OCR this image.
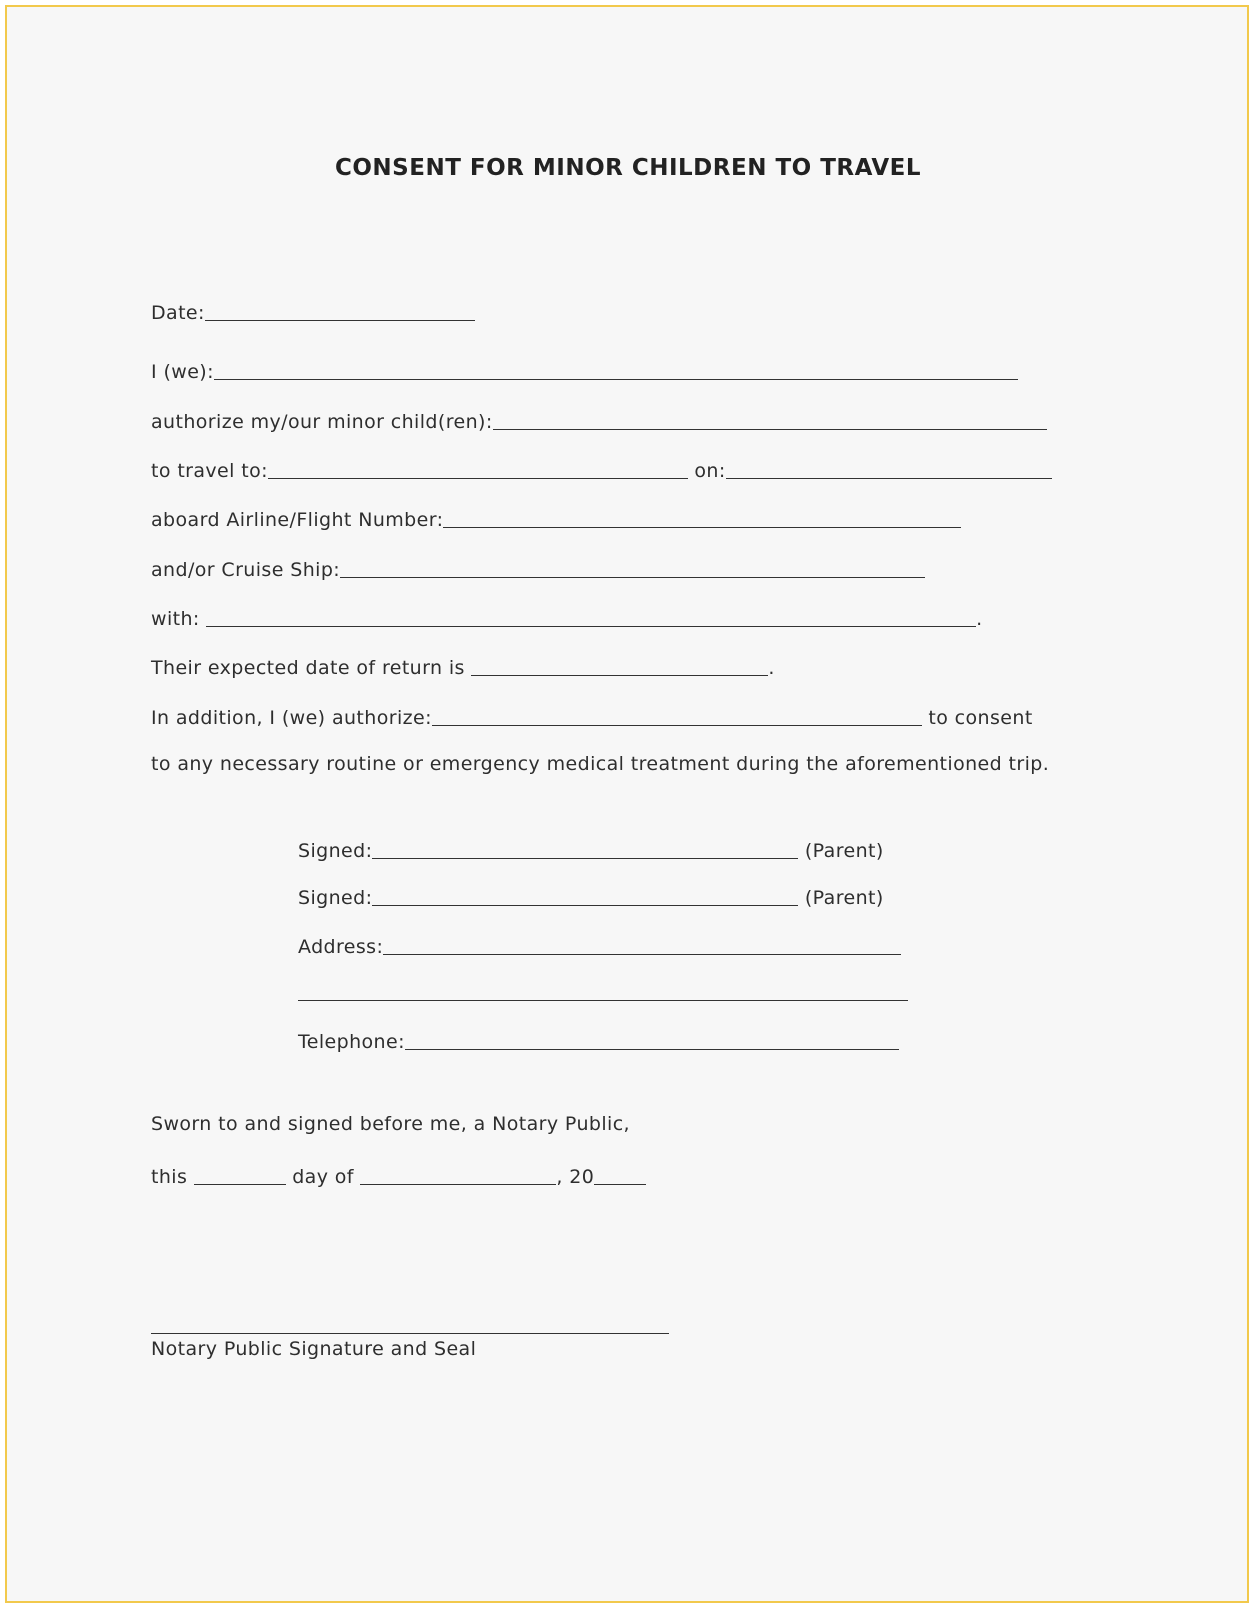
CONSENT FOR MINOR CHILDREN TO TRAVEL
Date:
I (we):
authorize my/our minor child(ren):
to travel to:	on:
aboard Airline/Flight Number:
and/or Cruise Ship:
with:	.
Their expected date of return is	.
In addition, I (we) authorize:	to consent
to any necessary routine or emergency medical treatment during the aforementioned trip.
Signed:	(Parent)
Signed:	(Parent)
Address:
Telephone:
Sworn to and signed before me, a Notary Public,
this	day of	, 20
Notary Public Signature and Seal
